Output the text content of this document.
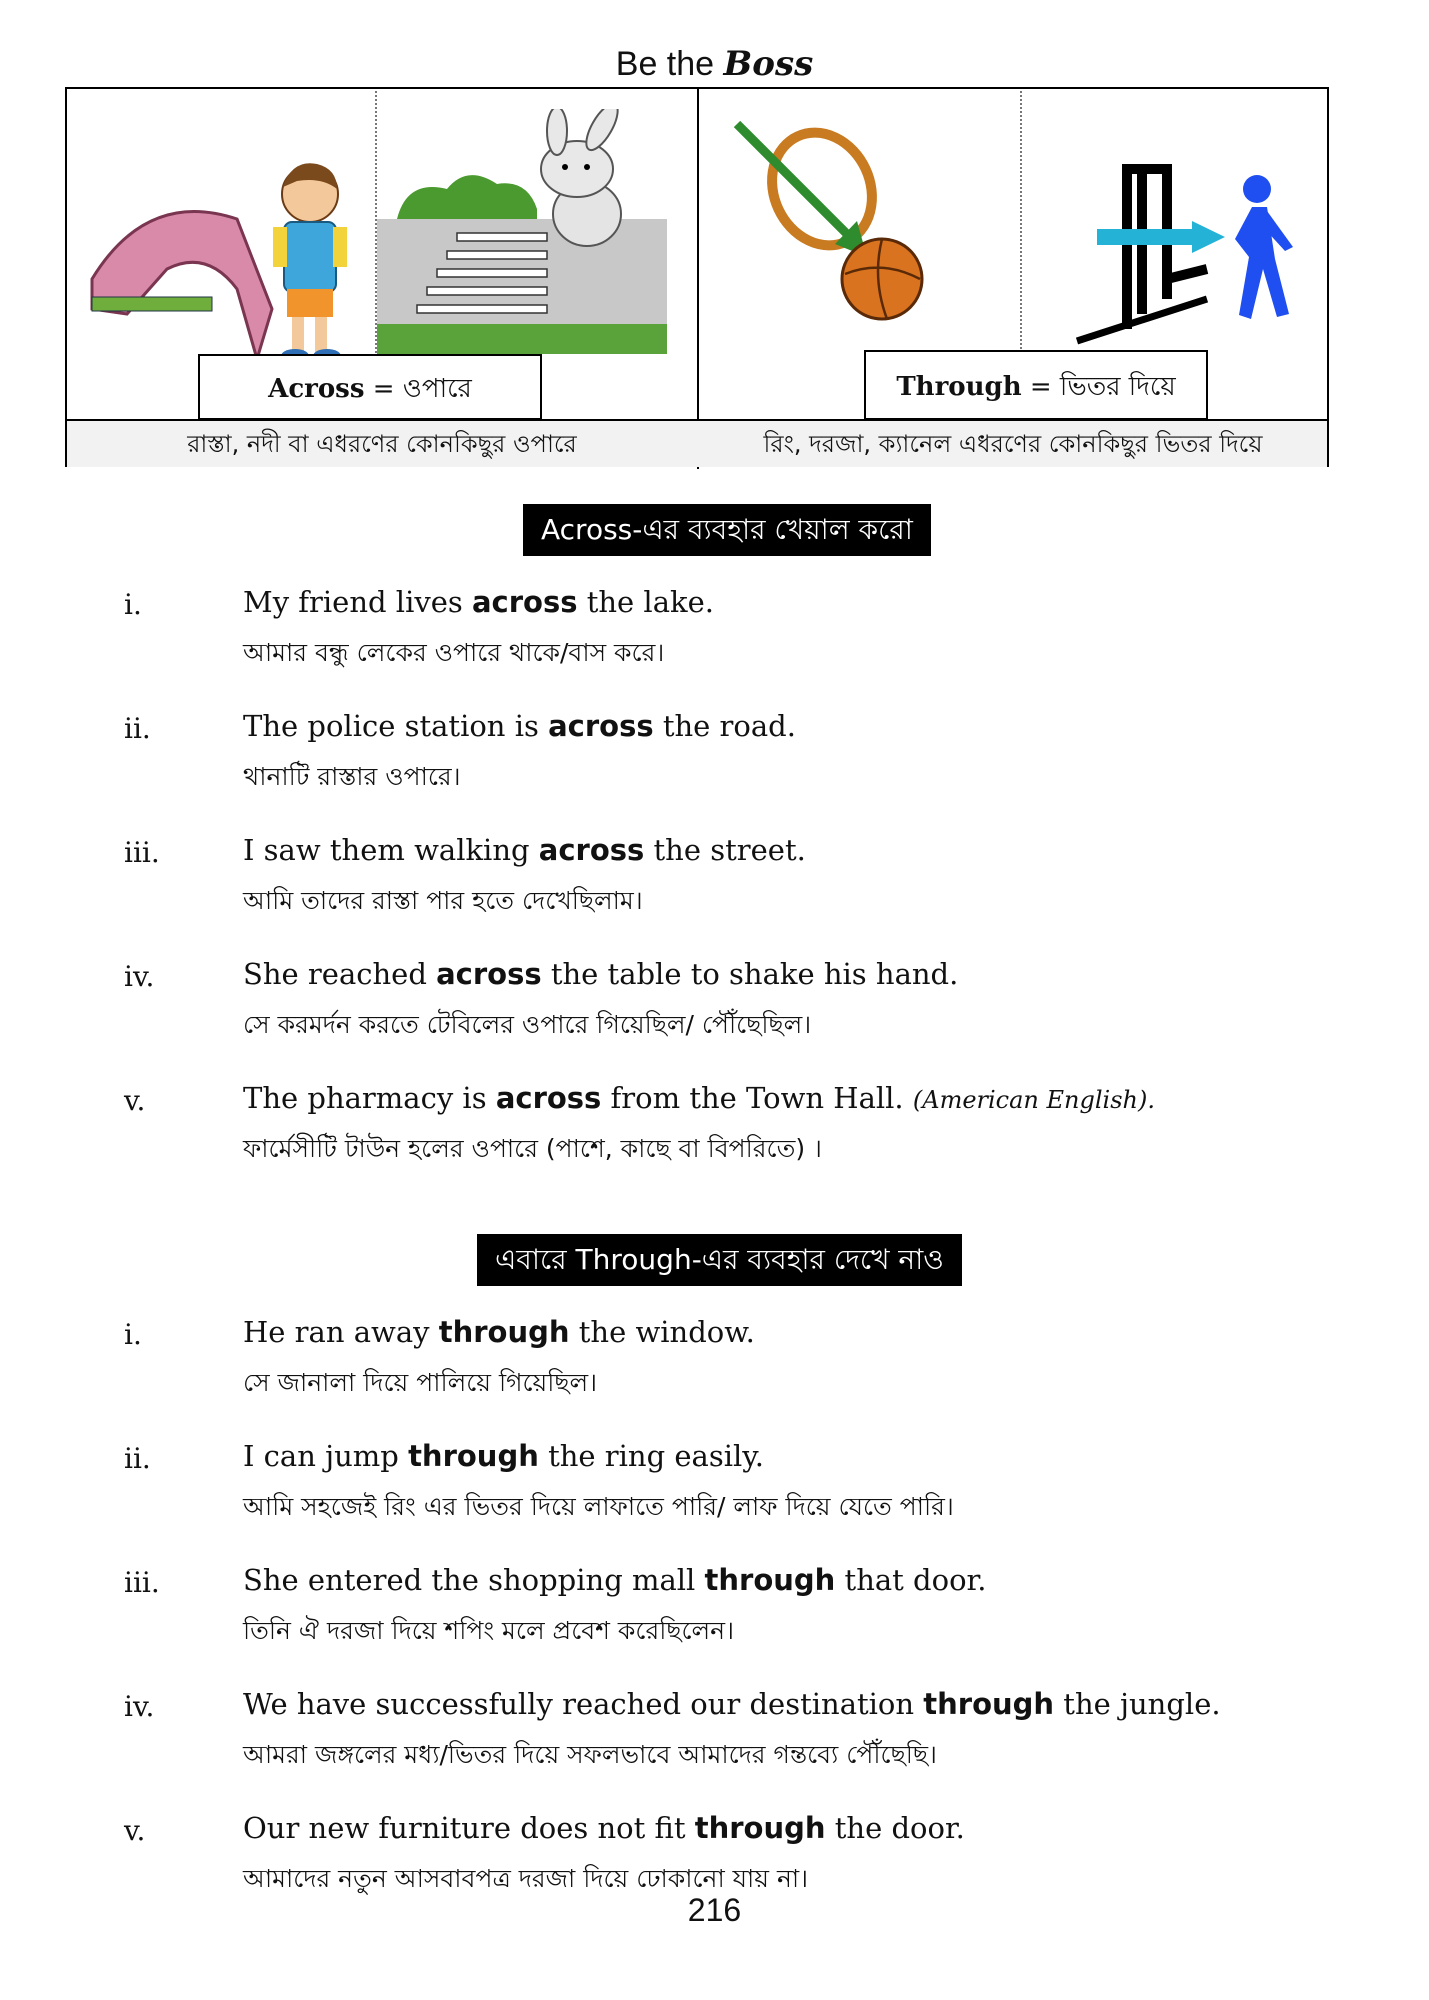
Be the Boss
Across = ওপারে	Through = ভিতর দিয়ে
রাস্তা, নদী বা এধরণের কোনকিছুর ওপারে	রিং, দরজা, ক্যানেল এধরণের কোনকিছুর ভিতর দিয়ে
Across-এর ব্যবহার খেয়াল করো
i.	My friend lives across the lake.
আমার বন্ধু লেকের ওপারে থাকে/বাস করে।
ii.	The police station is across the road.
থানাটি রাস্তার ওপারে।
iii.	I saw them walking across the street.
আমি তাদের রাস্তা পার হতে দেখেছিলাম।
iv.	She reached across the table to shake his hand.
সে করমর্দন করতে টেবিলের ওপারে গিয়েছিল/ পৌঁছেছিল।
v.	The pharmacy is across from the Town Hall. (American English).
ফার্মেসীটি টাউন হলের ওপারে (পাশে, কাছে বা বিপরিতে) ।
এবারে Through-এর ব্যবহার দেখে নাও
i.	He ran away through the window.
সে জানালা দিয়ে পালিয়ে গিয়েছিল।
ii.	I can jump through the ring easily.
আমি সহজেই রিং এর ভিতর দিয়ে লাফাতে পারি/ লাফ দিয়ে যেতে পারি।
iii.	She entered the shopping mall through that door.
তিনি ঐ দরজা দিয়ে শপিং মলে প্রবেশ করেছিলেন।
iv.	We have successfully reached our destination through the jungle.
আমরা জঙ্গলের মধ্য/ভিতর দিয়ে সফলভাবে আমাদের গন্তব্যে পৌঁছেছি।
v.	Our new furniture does not fit through the door.
আমাদের নতুন আসবাবপত্র দরজা দিয়ে ঢোকানো যায় না।
216
